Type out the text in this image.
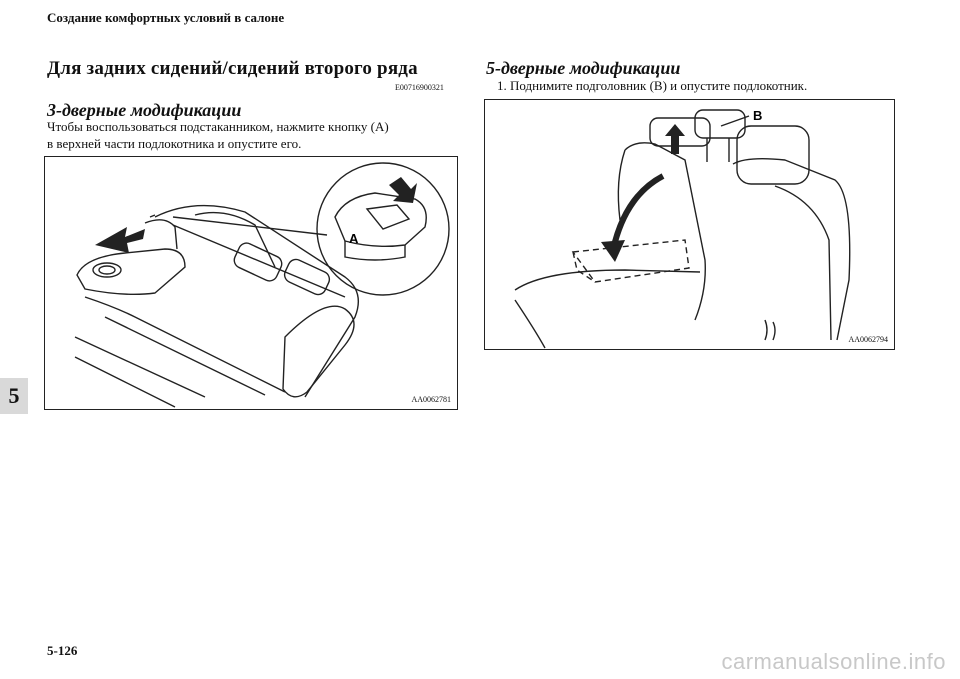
Создание комфортных условий в салоне
Для задних сидений/сидений второго ряда
E00716900321
3-дверные модификации
Чтобы воспользоваться подстаканником, нажмите кнопку (A)
в верхней части подлокотника и опустите его.
A
AA0062781
5-дверные модификации
1. Поднимите подголовник (B) и опустите подлокотник.
B
AA0062794
5
5-126	carmanualsonline.info
